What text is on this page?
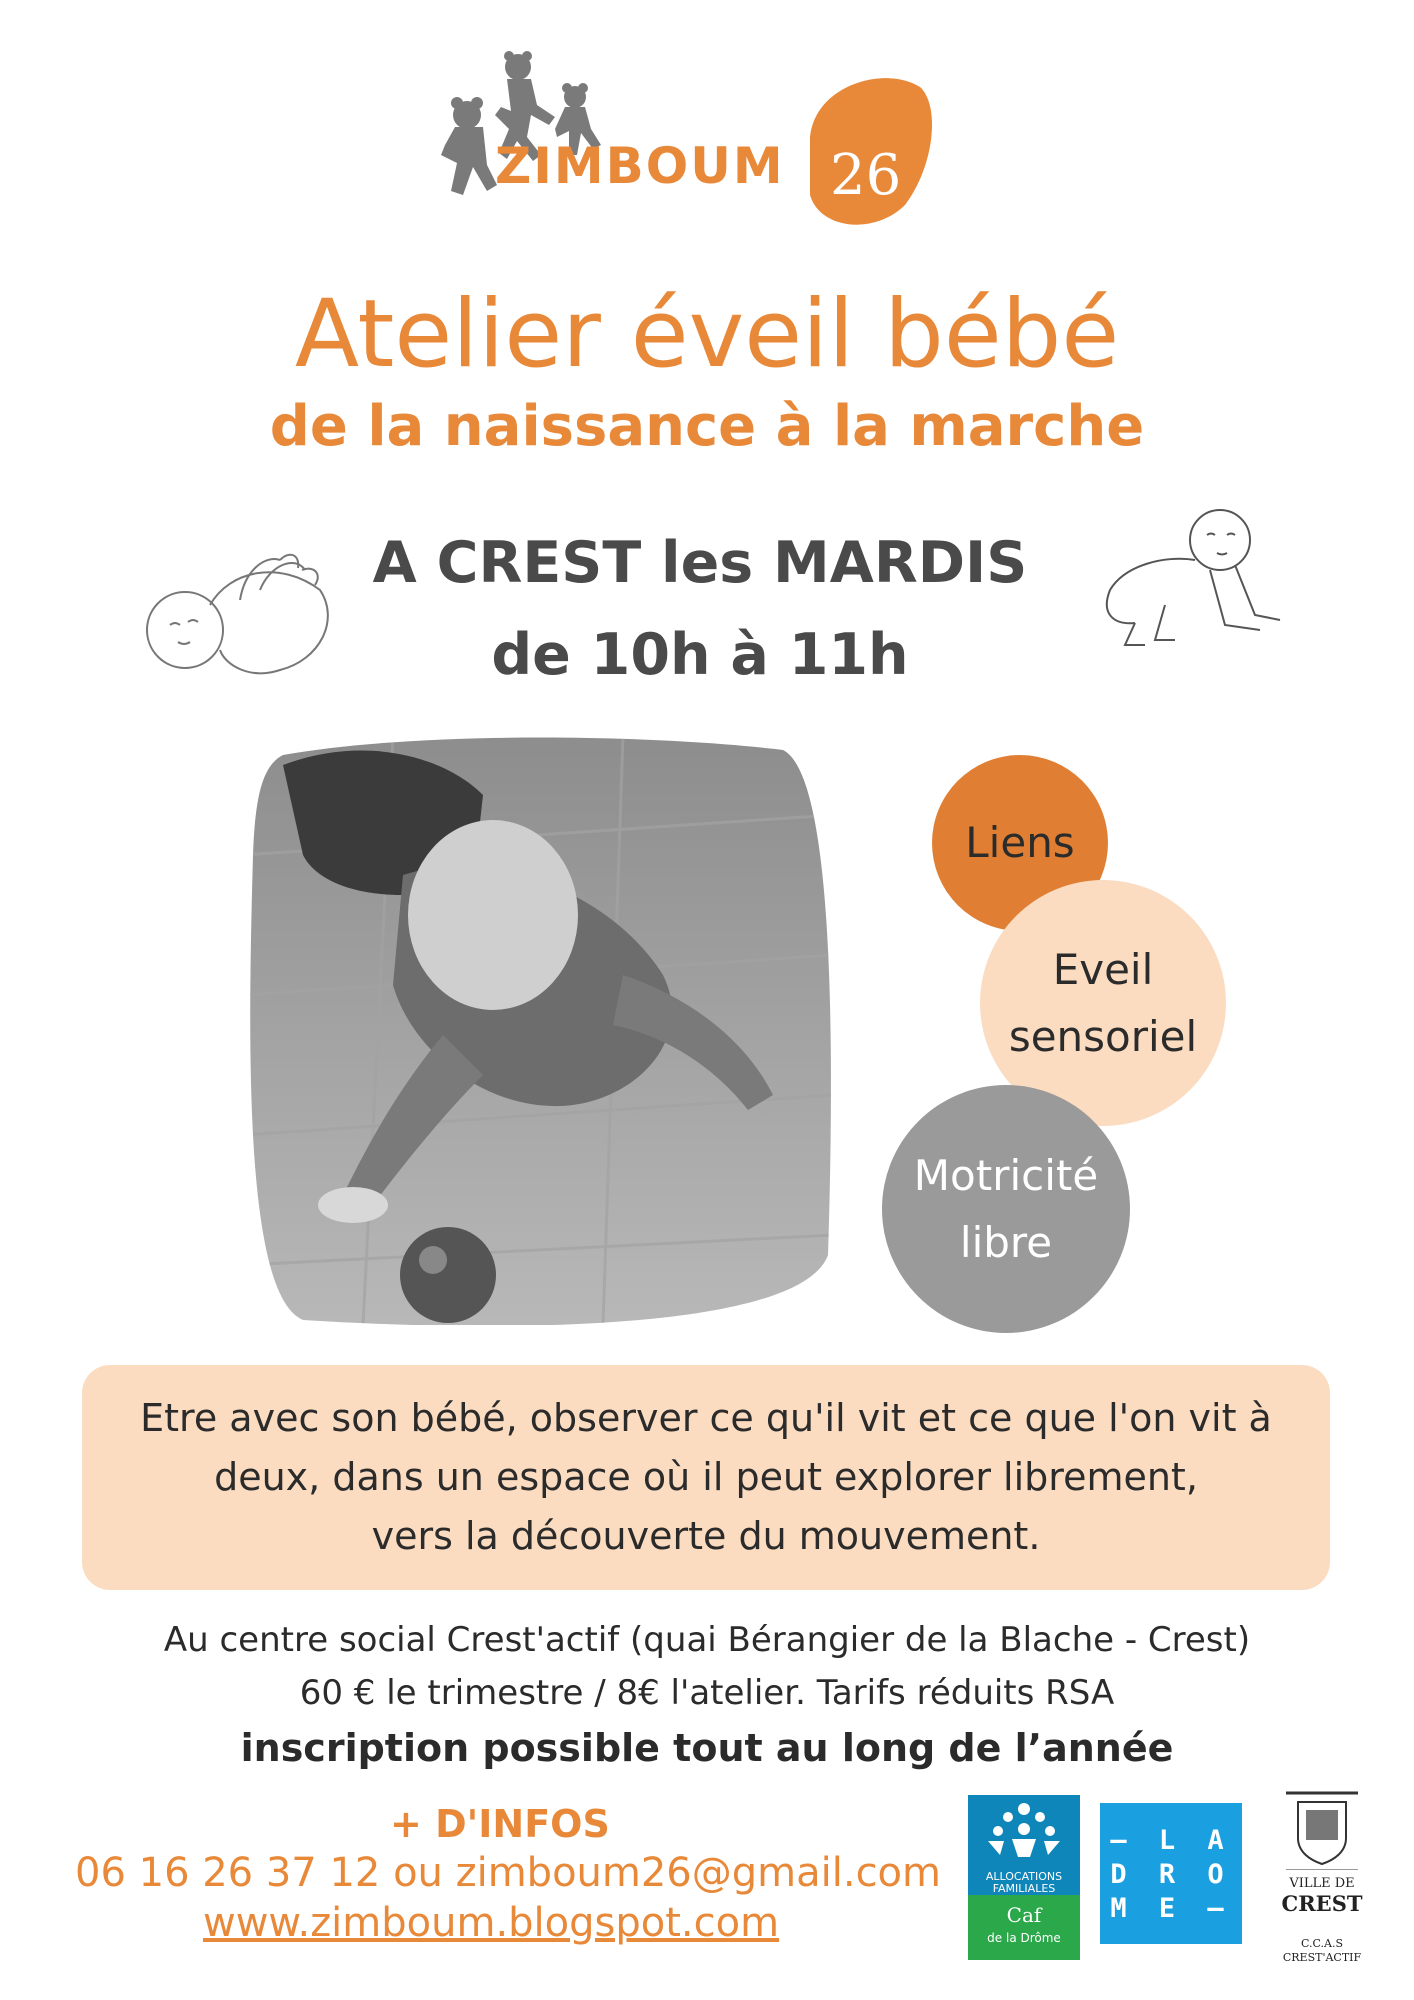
ZIMBOUM 26
Atelier éveil bébé
de la naissance à la marche
A CREST les MARDIS
de 10h à 11h
Liens
Eveil
sensoriel
Motricité
libre
Etre avec son bébé, observer ce qu'il vit et ce que l'on vit à
deux, dans un espace où il peut explorer librement,
vers la découverte du mouvement.
Au centre social Crest'actif (quai Bérangier de la Blache - Crest)
60 € le trimestre / 8€ l'atelier. Tarifs réduits RSA
inscription possible tout au long de l’année
+ D'INFOS
06 16 26 37 12 ou zimboum26@gmail.com
www.zimboum.blogspot.com
ALLOCATIONS
FAMILIALES
Caf
de la Drôme
– L A
D R O
M E –
VILLE DE
CREST
C.C.A.S
CREST'ACTIF
